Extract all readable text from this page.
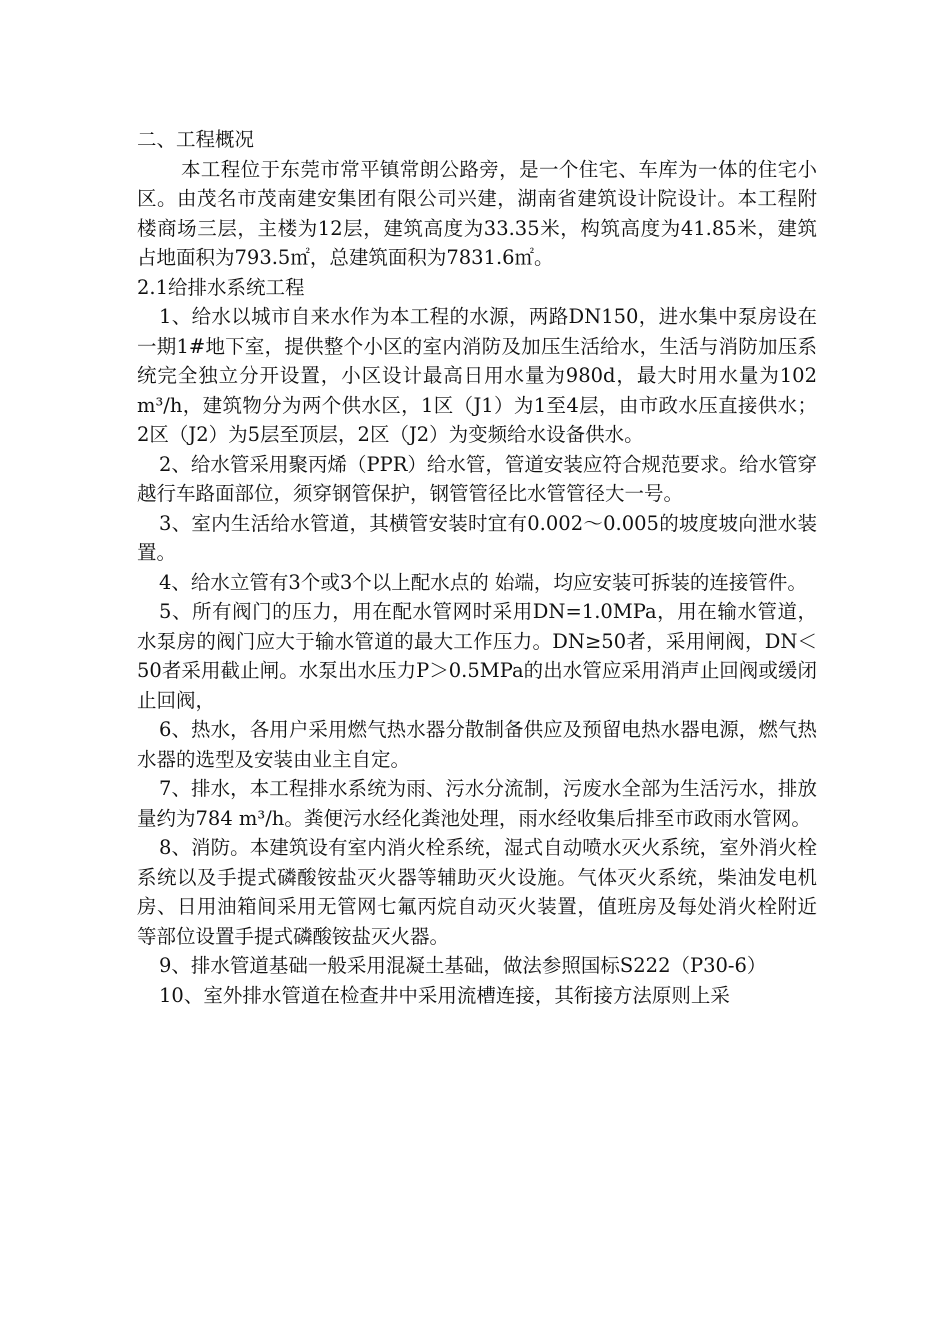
二、工程概况

本工程位于东莞市常平镇常朗公路旁，是一个住宅、车库为一体的住宅小区。由茂名市茂南建安集团有限公司兴建，湖南省建筑设计院设计。本工程附楼商场三层，主楼为12层，建筑高度为33.35米，构筑高度为41.85米，建筑占地面积为793.5㎡，总建筑面积为7831.6㎡。

2.1给排水系统工程

1、给水以城市自来水作为本工程的水源，两路DN150，进水集中泵房设在一期1#地下室，提供整个小区的室内消防及加压生活给水，生活与消防加压系统完全独立分开设置，小区设计最高日用水量为980d，最大时用水量为102 m³/h，建筑物分为两个供水区，1区（J1）为1至4层，由市政水压直接供水；2区（J2）为5层至顶层，2区（J2）为变频给水设备供水。

2、给水管采用聚丙烯（PPR）给水管，管道安装应符合规范要求。给水管穿越行车路面部位，须穿钢管保护，钢管管径比水管管径大一号。

3、室内生活给水管道，其横管安装时宜有0.002～0.005的坡度坡向泄水装置。

4、给水立管有3个或3个以上配水点的 始端，均应安装可拆装的连接管件。

5、所有阀门的压力，用在配水管网时采用DN=1.0MPa，用在输水管道，水泵房的阀门应大于输水管道的最大工作压力。DN≥50者，采用闸阀，DN＜50者采用截止闸。水泵出水压力P＞0.5MPa的出水管应采用消声止回阀或缓闭止回阀，

6、热水，各用户采用燃气热水器分散制备供应及预留电热水器电源，燃气热水器的选型及安装由业主自定。

7、排水，本工程排水系统为雨、污水分流制，污废水全部为生活污水，排放量约为784 m³/h。粪便污水经化粪池处理，雨水经收集后排至市政雨水管网。

8、消防。本建筑设有室内消火栓系统，湿式自动喷水灭火系统，室外消火栓系统以及手提式磷酸铵盐灭火器等辅助灭火设施。气体灭火系统，柴油发电机房、日用油箱间采用无管网七氟丙烷自动灭火装置，值班房及每处消火栓附近等部位设置手提式磷酸铵盐灭火器。

9、排水管道基础一般采用混凝土基础，做法参照国标S222（P30-6）

10、室外排水管道在检查井中采用流槽连接，其衔接方法原则上采
